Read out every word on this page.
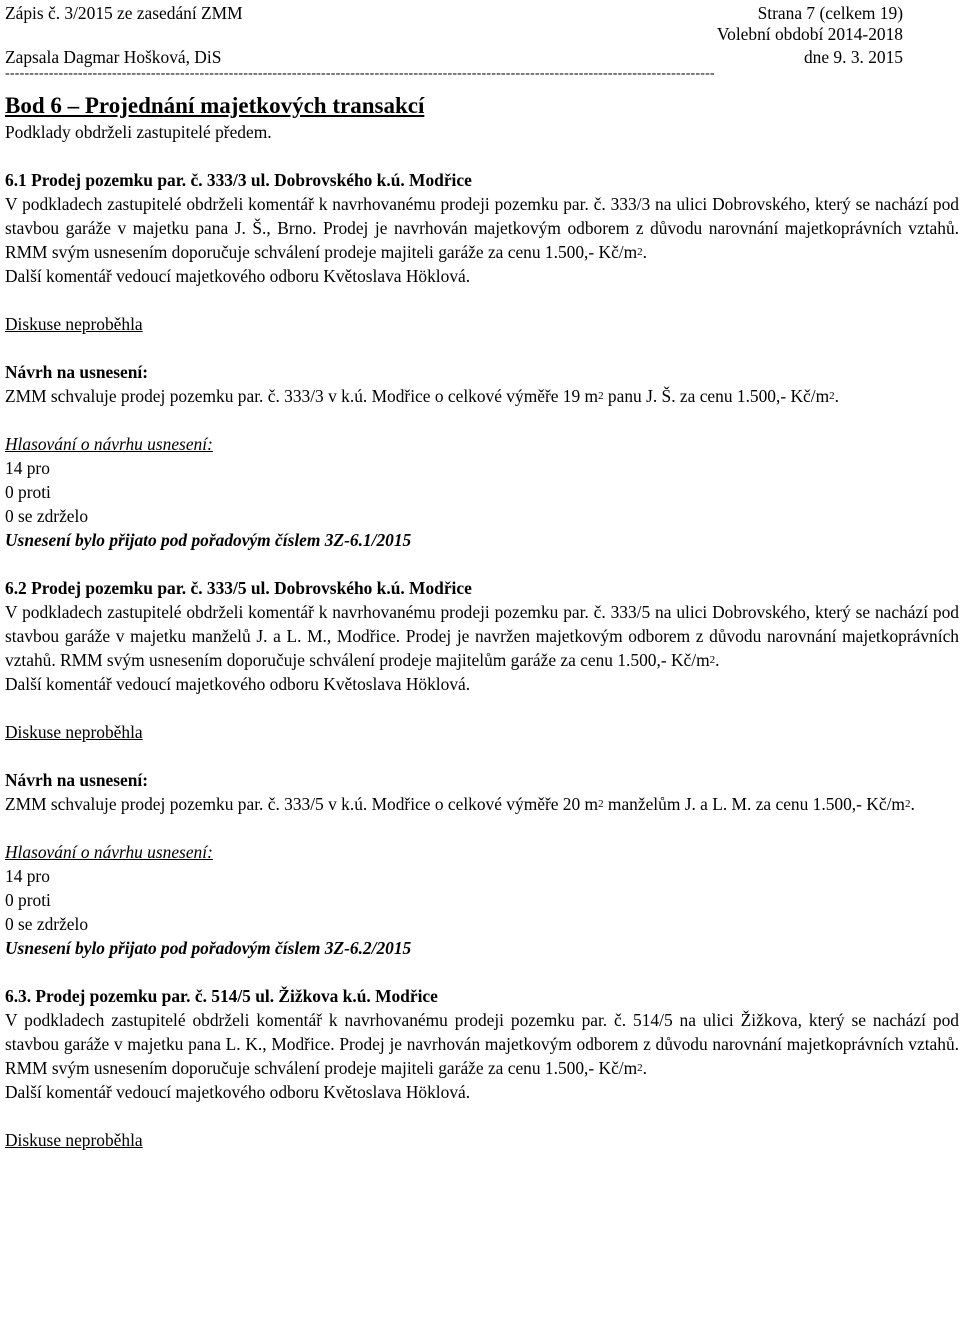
Zápis č. 3/2015 ze zasedání ZMM	Strana 7 (celkem 19)
Volební období 2014-2018
Zapsala Dagmar Hošková, DiS	dne 9. 3. 2015
--------------------------------------------------------------------------------------------------------------------------------------------------

Bod 6 – Projednání majetkových transakcí

Podklady obdrželi zastupitelé předem.

6.1 Prodej pozemku par. č. 333/3 ul. Dobrovského k.ú. Modřice

V podkladech zastupitelé obdrželi komentář k navrhovanému prodeji pozemku par. č. 333/3 na ulici Dobrovského, který se nachází pod stavbou garáže v majetku pana J. Š., Brno. Prodej je navrhován majetkovým odborem z důvodu narovnání majetkoprávních vztahů. RMM svým usnesením doporučuje schválení prodeje majiteli garáže za cenu 1.500,- $Kč/m^2$.

Další komentář vedoucí majetkového odboru Květoslava Höklová.

Diskuse neproběhla

Návrh na usnesení:

ZMM schvaluje prodej pozemku par. č. 333/3 v k.ú. Modřice o celkové výměře 19 $m^2$ panu J. Š. za cenu 1.500,- $Kč/m^2$.

Hlasování o návrhu usnesení:

14 pro

0 proti

0 se zdrželo

Usnesení bylo přijato pod pořadovým číslem 3Z-6.1/2015

6.2 Prodej pozemku par. č. 333/5 ul. Dobrovského k.ú. Modřice

V podkladech zastupitelé obdrželi komentář k navrhovanému prodeji pozemku par. č. 333/5 na ulici Dobrovského, který se nachází pod stavbou garáže v majetku manželů J. a L. M., Modřice. Prodej je navržen majetkovým odborem z důvodu narovnání majetkoprávních vztahů. RMM svým usnesením doporučuje schválení prodeje majitelům garáže za cenu 1.500,- $Kč/m^2$.

Další komentář vedoucí majetkového odboru Květoslava Höklová.

Diskuse neproběhla

Návrh na usnesení:

ZMM schvaluje prodej pozemku par. č. 333/5 v k.ú. Modřice o celkové výměře 20 $m^2$ manželům J. a L. M. za cenu 1.500,- $Kč/m^2$.

Hlasování o návrhu usnesení:

14 pro

0 proti

0 se zdrželo

Usnesení bylo přijato pod pořadovým číslem 3Z-6.2/2015

6.3. Prodej pozemku par. č. 514/5 ul. Žižkova k.ú. Modřice

V podkladech zastupitelé obdrželi komentář k navrhovanému prodeji pozemku par. č. 514/5 na ulici Žižkova, který se nachází pod stavbou garáže v majetku pana L. K., Modřice. Prodej je navrhován majetkovým odborem z důvodu narovnání majetkoprávních vztahů. RMM svým usnesením doporučuje schválení prodeje majiteli garáže za cenu 1.500,- $Kč/m^2$.

Další komentář vedoucí majetkového odboru Květoslava Höklová.

Diskuse neproběhla
